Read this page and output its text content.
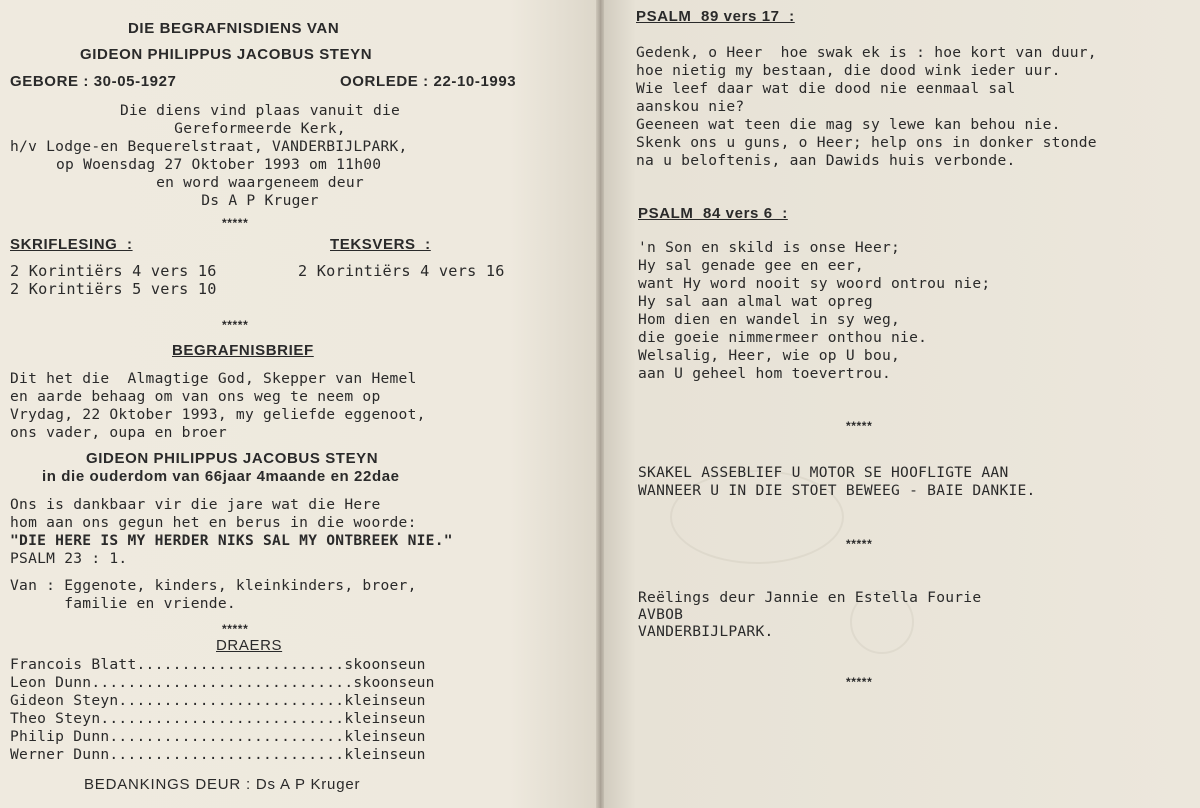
DIE BEGRAFNISDIENS VAN
GIDEON PHILIPPUS JACOBUS STEYN
GEBORE : 30-05-1927	OORLEDE : 22-10-1993
Die diens vind plaas vanuit die
Gereformeerde Kerk,
h/v Lodge-en Bequerelstraat, VANDERBIJLPARK,
op Woensdag 27 Oktober 1993 om 11h00
en word waargeneem deur
Ds A P Kruger
*****
SKRIFLESING  :	TEKSVERS  :
2 Korintiërs 4 vers 16
2 Korintiërs 5 vers 10
2 Korintiërs 4 vers 16
*****
BEGRAFNISBRIEF
Dit het die  Almagtige God, Skepper van Hemel
en aarde behaag om van ons weg te neem op
Vrydag, 22 Oktober 1993, my geliefde eggenoot,
ons vader, oupa en broer
GIDEON PHILIPPUS JACOBUS STEYN
in die ouderdom van 66jaar 4maande en 22dae
Ons is dankbaar vir die jare wat die Here
hom aan ons gegun het en berus in die woorde:
"DIE HERE IS MY HERDER NIKS SAL MY ONTBREEK NIE."
PSALM 23 : 1.
Van : Eggenote, kinders, kleinkinders, broer,
familie en vriende.
*****
DRAERS
Francois Blatt.......................skoonseun
Leon Dunn.............................skoonseun
Gideon Steyn.........................kleinseun
Theo Steyn...........................kleinseun
Philip Dunn..........................kleinseun
Werner Dunn..........................kleinseun
BEDANKINGS DEUR : Ds A P Kruger
PSALM  89 vers 17  :
Gedenk, o Heer  hoe swak ek is : hoe kort van duur,
hoe nietig my bestaan, die dood wink ieder uur.
Wie leef daar wat die dood nie eenmaal sal
aanskou nie?
Geeneen wat teen die mag sy lewe kan behou nie.
Skenk ons u guns, o Heer; help ons in donker stonde
na u beloftenis, aan Dawids huis verbonde.
PSALM  84 vers 6  :
'n Son en skild is onse Heer;
Hy sal genade gee en eer,
want Hy word nooit sy woord ontrou nie;
Hy sal aan almal wat opreg
Hom dien en wandel in sy weg,
die goeie nimmermeer onthou nie.
Welsalig, Heer, wie op U bou,
aan U geheel hom toevertrou.
*****
SKAKEL ASSEBLIEF U MOTOR SE HOOFLIGTE AAN
WANNEER U IN DIE STOET BEWEEG - BAIE DANKIE.
*****
Reëlings deur Jannie en Estella Fourie
AVBOB
VANDERBIJLPARK.
*****
